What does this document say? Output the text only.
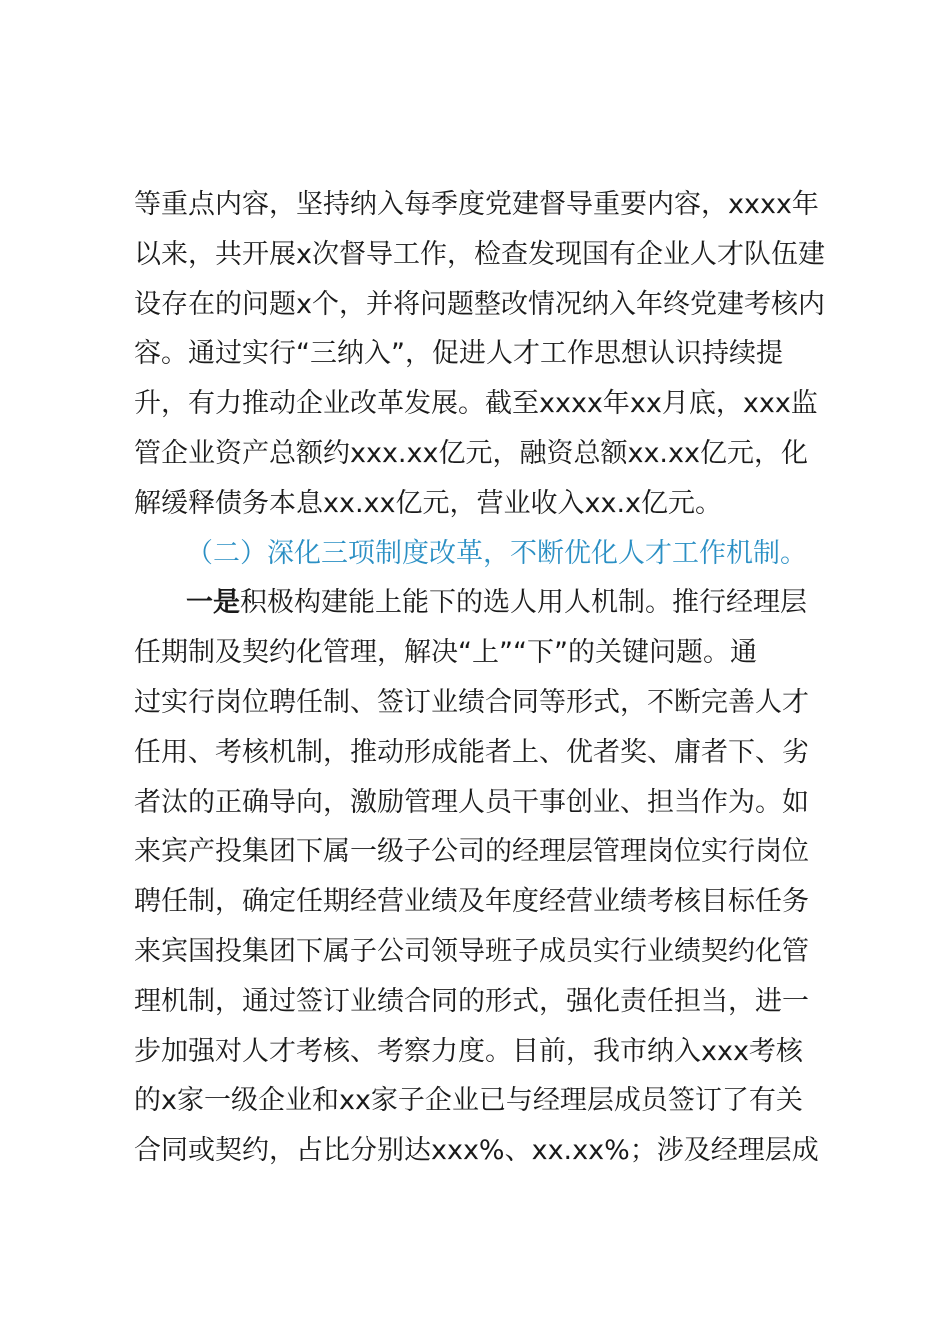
等重点内容，坚持纳入每季度党建督导重要内容，xxxx年
以来，共开展x次督导工作，检查发现国有企业人才队伍建
设存在的问题x个，并将问题整改情况纳入年终党建考核内
容。通过实行“三纳入”，促进人才工作思想认识持续提
升，有力推动企业改革发展。截至xxxx年xx月底，xxx监
管企业资产总额约xxx.xx亿元，融资总额xx.xx亿元，化
解缓释债务本息xx.xx亿元，营业收入xx.x亿元。
（二）深化三项制度改革，不断优化人才工作机制。
一是积极构建能上能下的选人用人机制。推行经理层
任期制及契约化管理，解决“上”“下”的关键问题。通
过实行岗位聘任制、签订业绩合同等形式，不断完善人才
任用、考核机制，推动形成能者上、优者奖、庸者下、劣
者汰的正确导向，激励管理人员干事创业、担当作为。如
来宾产投集团下属一级子公司的经理层管理岗位实行岗位
聘任制，确定任期经营业绩及年度经营业绩考核目标任务
来宾国投集团下属子公司领导班子成员实行业绩契约化管
理机制，通过签订业绩合同的形式，强化责任担当，进一
步加强对人才考核、考察力度。目前，我市纳入xxx考核
的x家一级企业和xx家子企业已与经理层成员签订了有关
合同或契约，占比分别达xxx%、xx.xx%；涉及经理层成
